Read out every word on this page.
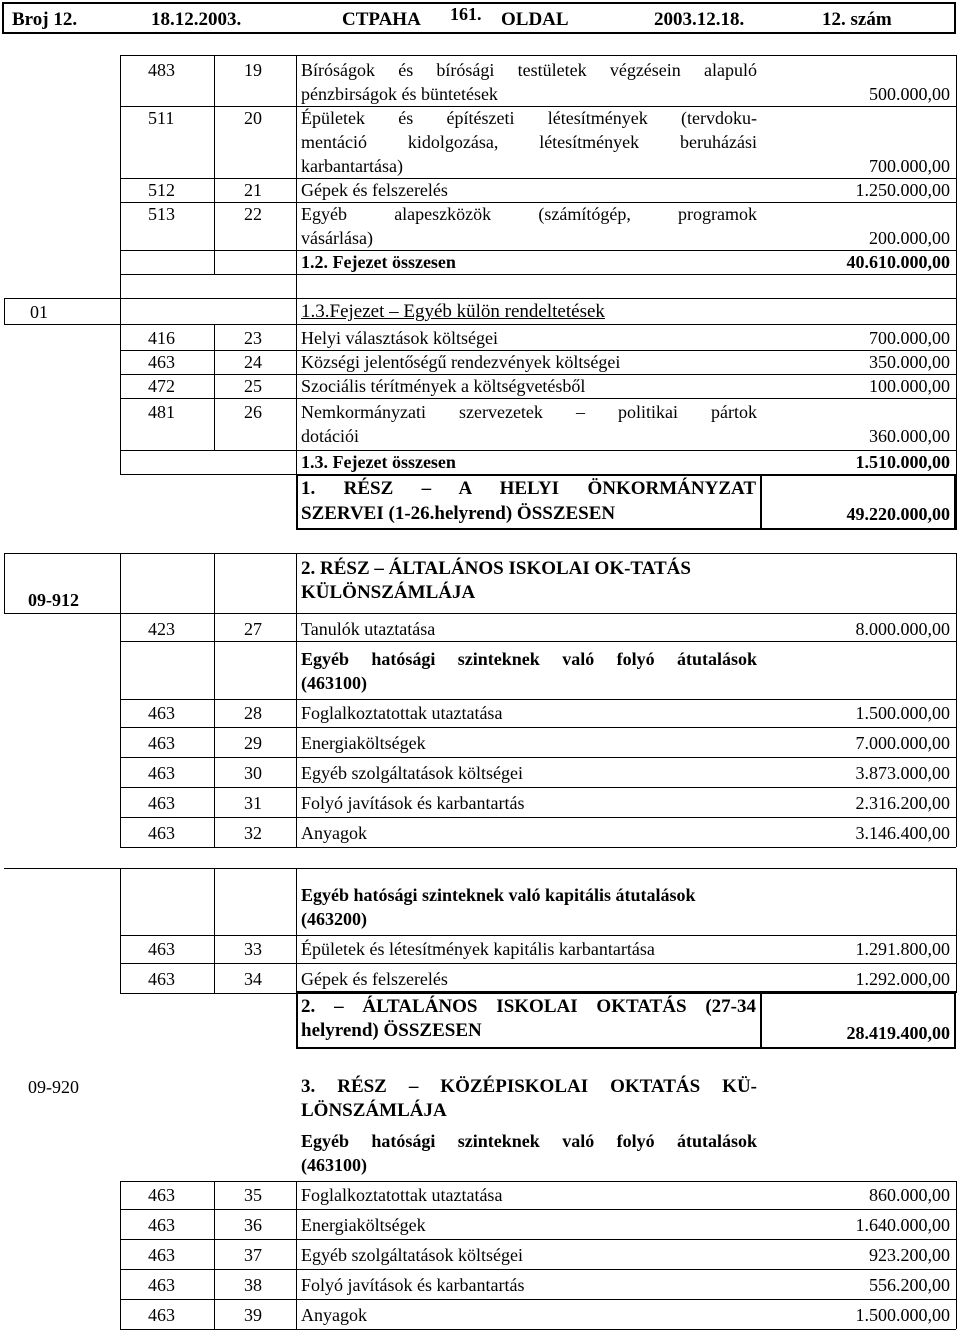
Broj 12.	18.12.2003.	CTPAHA 161. OLDAL	2003.12.18.	12. szám
483	19 Bíróságok és bírósági testületek végzésein alapuló
pénzbirságok és büntetések	500.000,00
511	20 Épületek és építészeti létesítmények (tervdoku-
mentáció kidolgozása, létesítmények beruházási
karbantartása)	700.000,00
512	21 Gépek és felszerelés	1.250.000,00
513	22 Egyéb alapeszközök (számítógép, programok
vásárlása)	200.000,00
1.2. Fejezet összesen	40.610.000,00
01	1.3.Fejezet – Egyéb külön rendeltetések
416	23 Helyi választások költségei	700.000,00
463	24 Községi jelentőségű rendezvények költségei	350.000,00
472	25 Szociális térítmények a költségvetésből	100.000,00
481	26 Nemkormányzati szervezetek – politikai pártok
dotációi	360.000,00
1.3. Fejezet összesen	1.510.000,00
1. RÉSZ – A HELYI ÖNKORMÁNYZAT
SZERVEI (1-26.helyrend) ÖSSZESEN	49.220.000,00
09-912
2. RÉSZ – ÁLTALÁNOS ISKOLAI OK-TATÁS
KÜLÖNSZÁMLÁJA
423	27 Tanulók utaztatása	8.000.000,00
Egyéb hatósági szinteknek való folyó átutalások
(463100)
463	28 Foglalkoztatottak utaztatása	1.500.000,00
463	29 Energiaköltségek	7.000.000,00
463	30 Egyéb szolgáltatások költségei	3.873.000,00
463	31 Folyó javítások és karbantartás	2.316.200,00
463	32 Anyagok	3.146.400,00
Egyéb hatósági szinteknek való kapitális átutalások
(463200)
463	33 Épületek és létesítmények kapitális karbantartása	1.291.800,00
463	34 Gépek és felszerelés	1.292.000,00
2. – ÁLTALÁNOS ISKOLAI OKTATÁS (27-34
helyrend) ÖSSZESEN	28.419.400,00
09-920	3. RÉSZ – KÖZÉPISKOLAI OKTATÁS KÜ-
LÖNSZÁMLÁJA
Egyéb hatósági szinteknek való folyó átutalások
(463100)
463	35 Foglalkoztatottak utaztatása	860.000,00
463	36 Energiaköltségek	1.640.000,00
463	37 Egyéb szolgáltatások költségei	923.200,00
463	38 Folyó javítások és karbantartás	556.200,00
463	39 Anyagok	1.500.000,00
